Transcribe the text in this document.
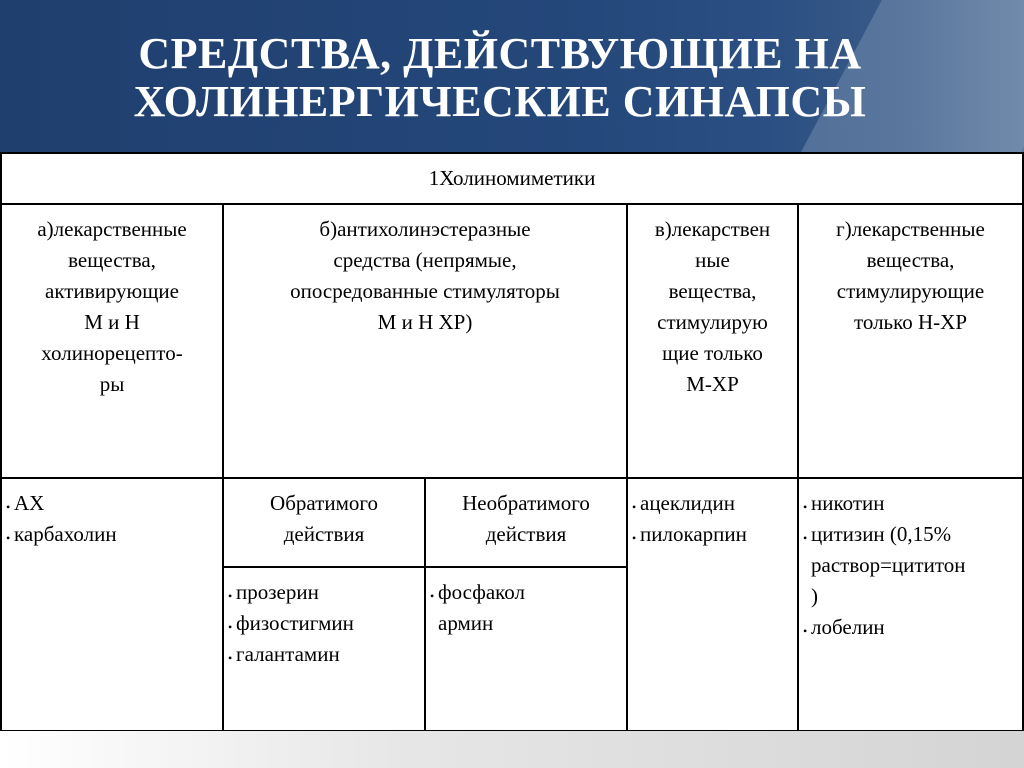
СРЕДСТВА, ДЕЙСТВУЮЩИЕ НА
ХОЛИНЕРГИЧЕСКИЕ СИНАПСЫ
1Холиномиметики
а)лекарственные
вещества,
активирующие
М и Н
холинорецепто-
ры
б)антихолинэстеразные
средства (непрямые,
опосредованные стимуляторы
М и Н ХР)
в)лекарствен
ные
вещества,
стимулирую
щие только
М-ХР
г)лекарственные
вещества,
стимулирующие
только Н-ХР
• АХ
• карбахолин
Обратимого
действия
Необратимого
действия
• прозерин
• физостигмин
• галантамин
• фосфакол
армин
• ацеклидин
• пилокарпин
• никотин
• цитизин (0,15%
раствор=цититон
)
• лобелин
